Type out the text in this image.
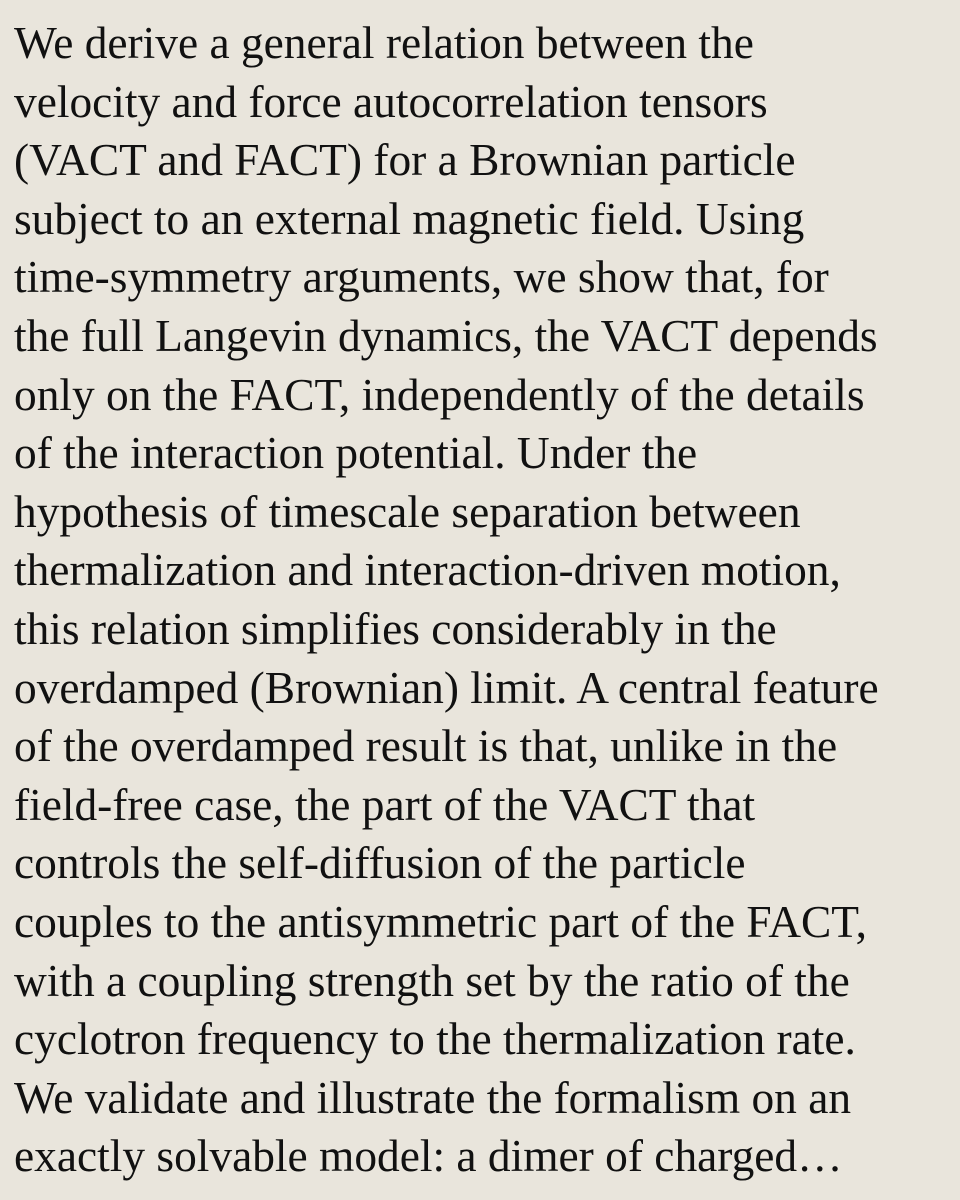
We derive a general relation between the
velocity and force autocorrelation tensors
(VACT and FACT) for a Brownian particle
subject to an external magnetic field. Using
time-symmetry arguments, we show that, for
the full Langevin dynamics, the VACT depends
only on the FACT, independently of the details
of the interaction potential. Under the
hypothesis of timescale separation between
thermalization and interaction-driven motion,
this relation simplifies considerably in the
overdamped (Brownian) limit. A central feature
of the overdamped result is that, unlike in the
field-free case, the part of the VACT that
controls the self-diffusion of the particle
couples to the antisymmetric part of the FACT,
with a coupling strength set by the ratio of the
cyclotron frequency to the thermalization rate.
We validate and illustrate the formalism on an
exactly solvable model: a dimer of charged…
